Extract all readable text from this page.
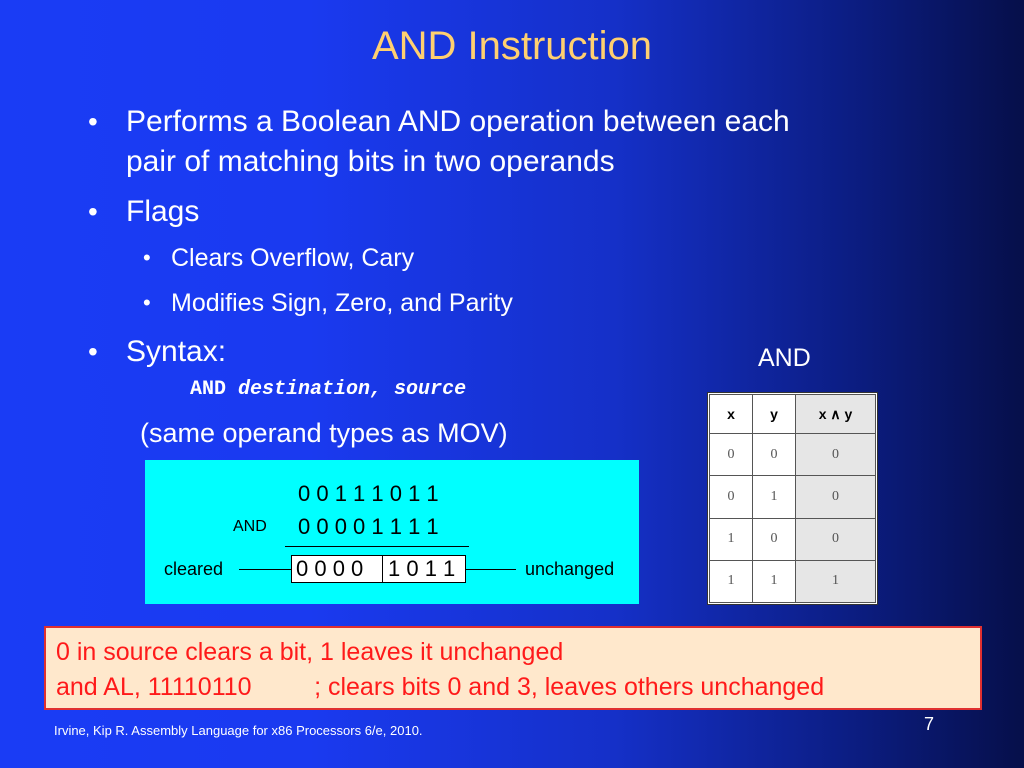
AND Instruction
• Performs a Boolean AND operation between each
pair of matching bits in two operands
• Flags
• Clears Overflow, Cary
• Modifies Sign, Zero, and Parity
• Syntax:
AND destination, source
(same operand types as MOV)
0 0 1 1 1 0 1 1
AND 0 0 0 0 1 1 1 1
cleared	0 0 0 0 1 0 1 1	unchanged
AND
x	y	x ∧ y
0	0	0
0	1	0
1	0	0
1	1	1
0 in source clears a bit, 1 leaves it unchanged
and AL, 11110110         ; clears bits 0 and 3, leaves others unchanged
Irvine, Kip R. Assembly Language for x86 Processors 6/e, 2010.	7
